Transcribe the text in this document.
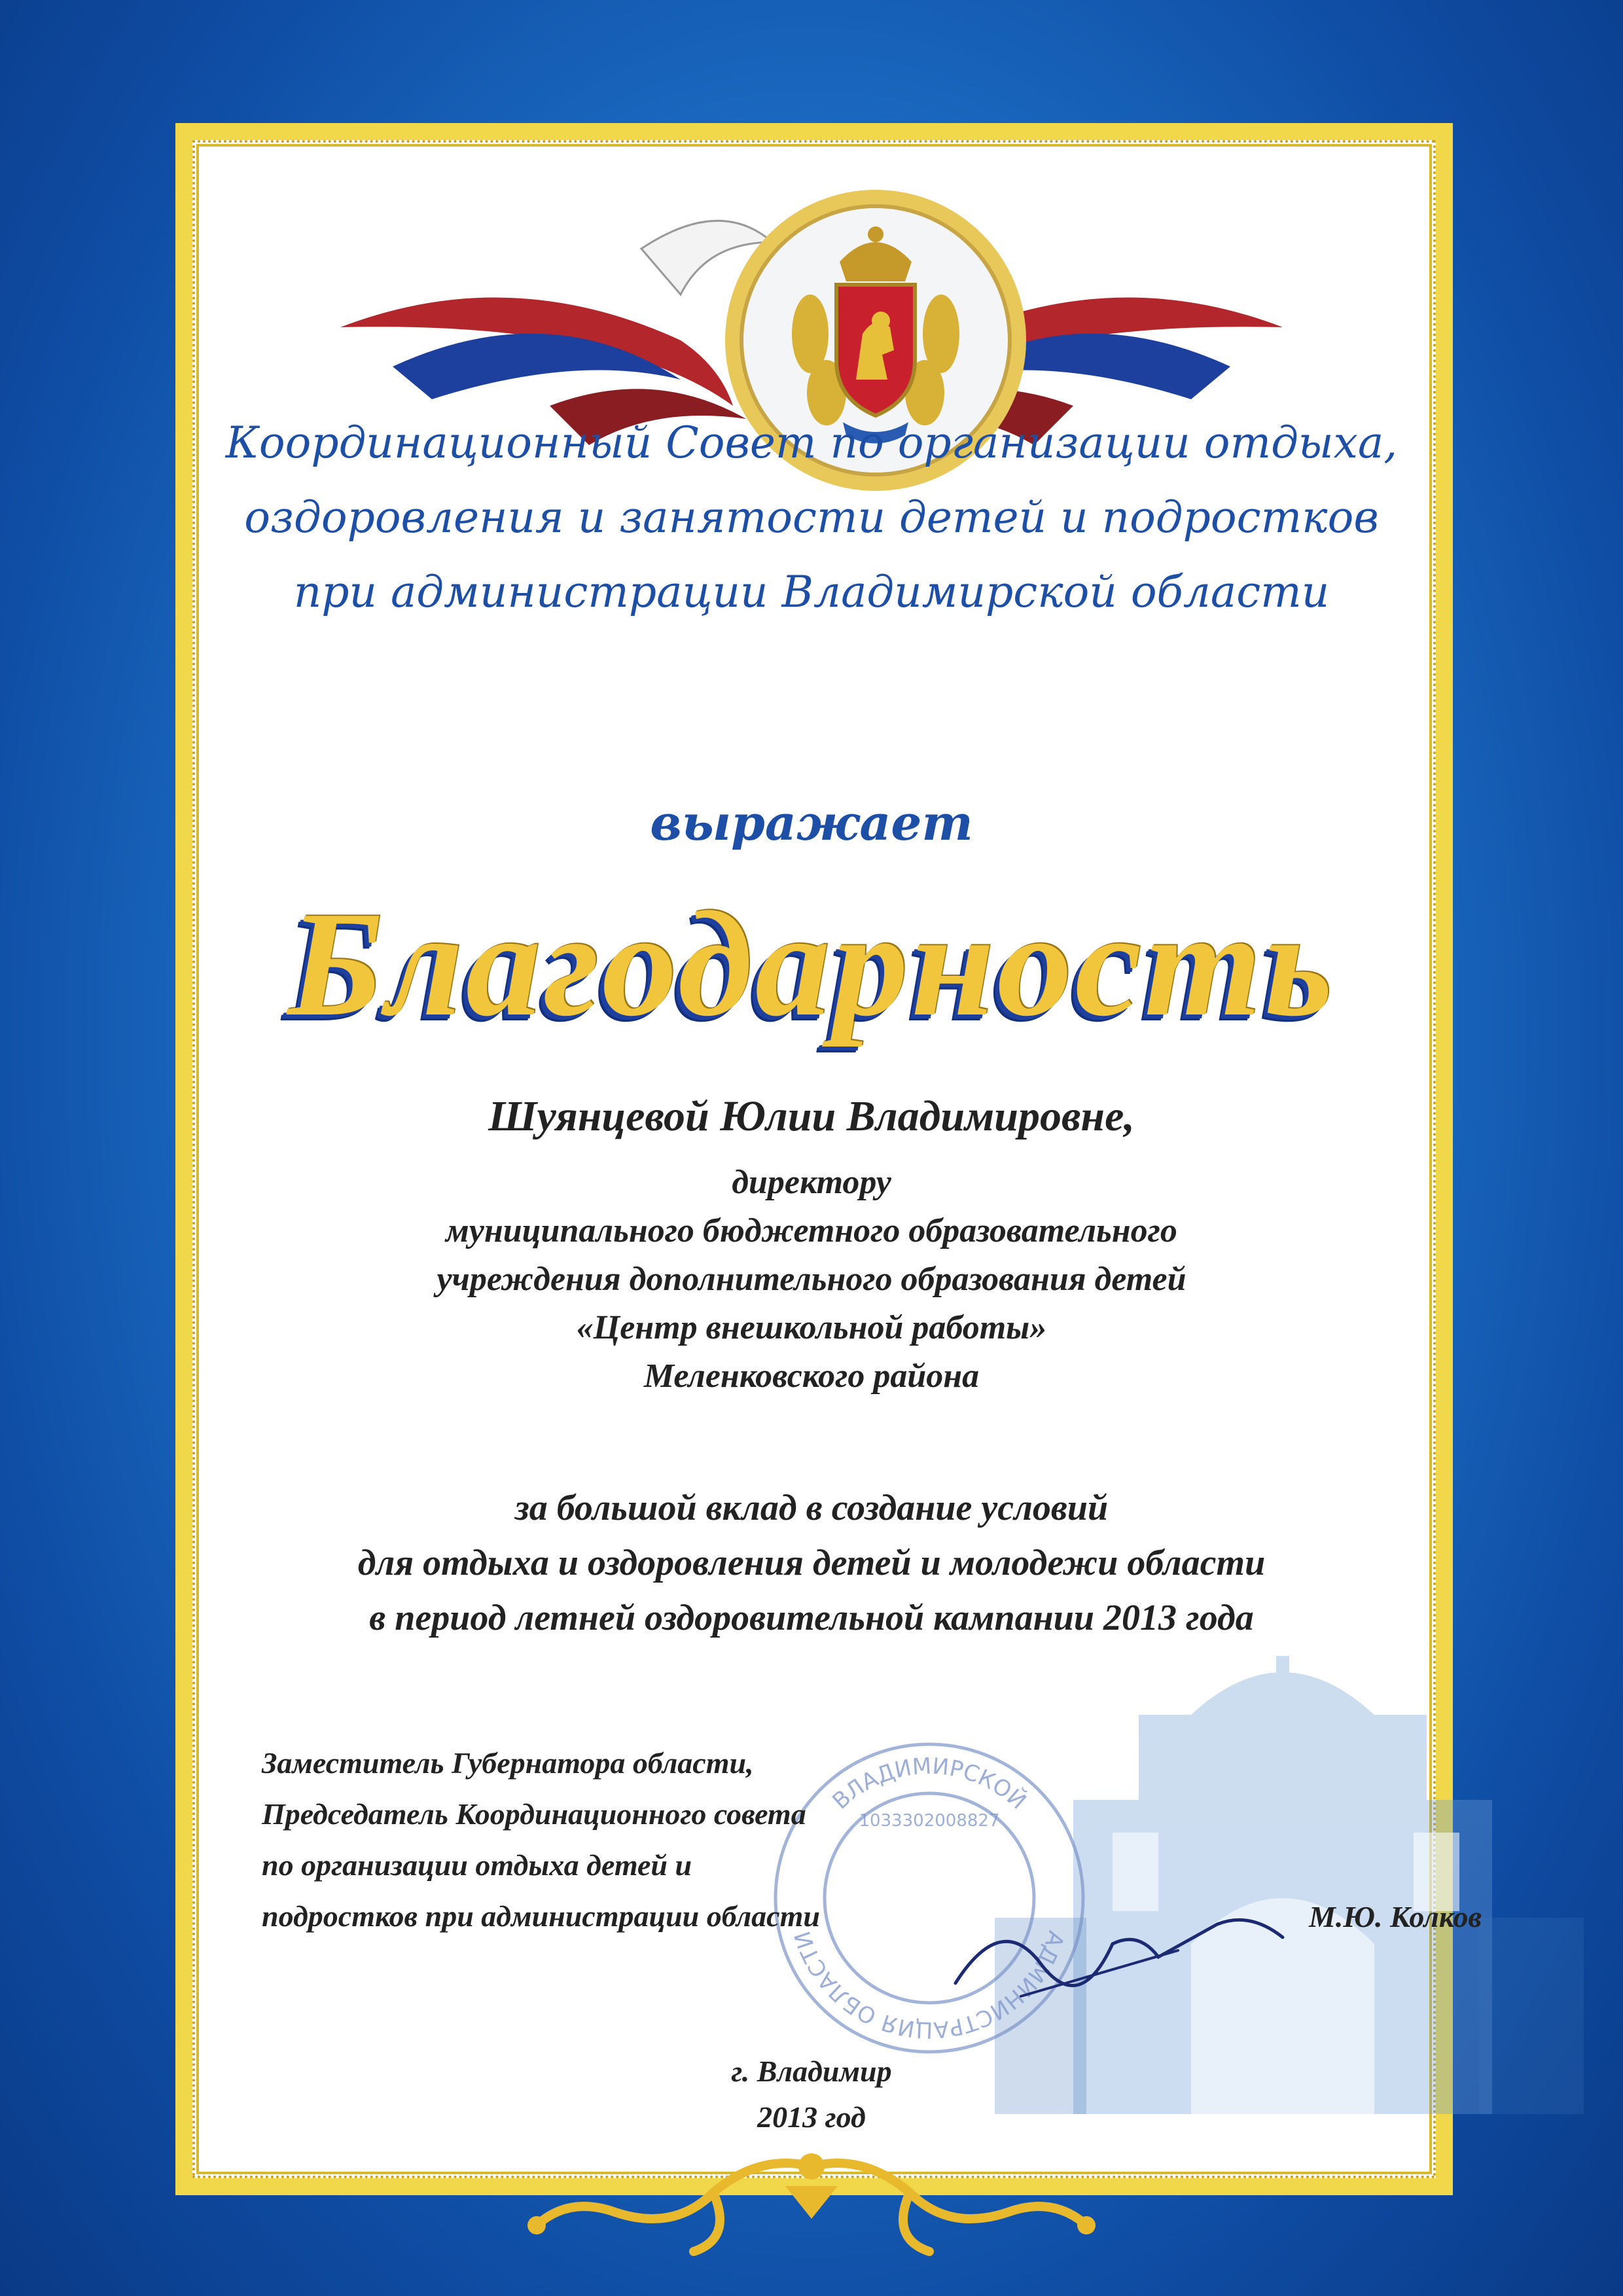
ВЛАДИМИРСКОЙ
АДМИНИСТРАЦИЯ ОБЛАСТИ
1033302008827
Координационный Совет по организации отдыха,
оздоровления и занятости детей и подростков
при администрации Владимирской области
выражает
Благодарность
Шуянцевой Юлии Владимировне,
директору
муниципального бюджетного образовательного
учреждения дополнительного образования детей
«Центр внешкольной работы»
Меленковского района
за большой вклад в создание условий
для отдыха и оздоровления детей и молодежи области
в период летней оздоровительной кампании 2013 года
Заместитель Губернатора области,
Председатель Координационного совета
по организации отдыха детей и
подростков при администрации области	М.Ю. Колков
г. Владимир
2013 год
